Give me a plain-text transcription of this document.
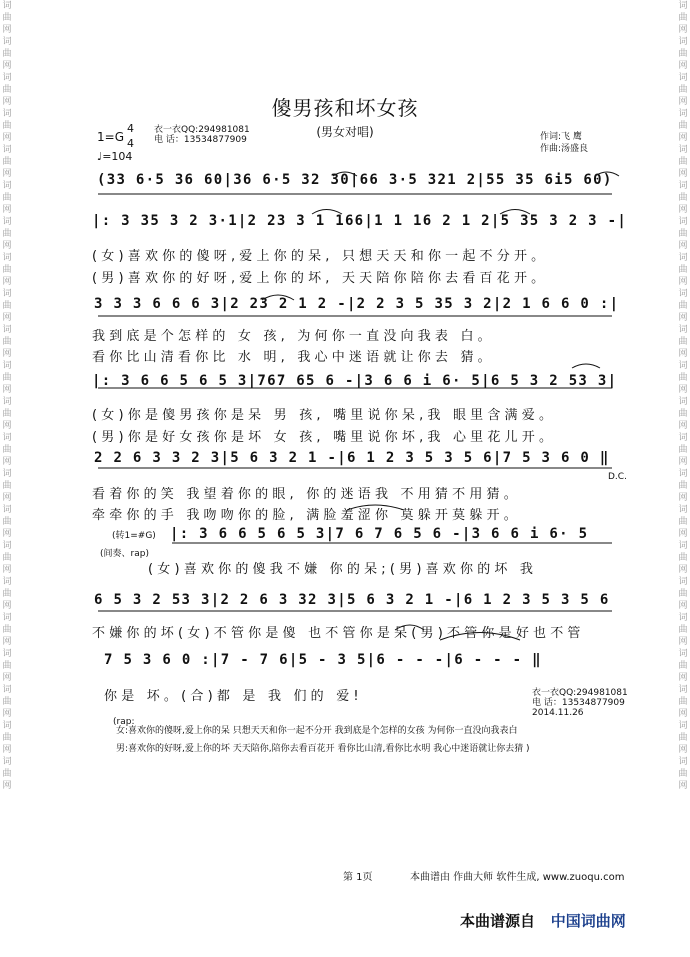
词
曲
网
词
曲
网
词
曲
网
词
曲
网
词
曲
网
词
曲
网
词
曲
网
词
曲
网
词
曲
网
词
曲
网
词
曲
网
词
曲
网
词
曲
网
词
曲
网
词
曲
网
词
曲
网
词
曲
网
词
曲
网
词
曲
网
词
曲
网
词
曲
网
词
曲
网
词
曲
网
词
曲
网
词
曲
网
词
曲
网
词
曲
网
词
曲
网
词
曲
网
词
曲
网
词
曲
网
词
曲
网
词
曲
网
词
曲
网
词
曲
网
词
曲
网
词
曲
网
词
曲
网
词
曲
网
词
曲
网
词
曲
网
词
曲
网
词
曲
网
词
曲
网
傻男孩和坏女孩
(男女对唱)
1=G
4
4
♩=104
衣一衣QQ:294981081
电 话：13534877909	作词:飞 鹰
作曲:汤盛良
(33 6·5 36 60|36 6·5 32 30|66 3·5 321 2|55 35 6i5 60)
|: 3 35 3 2 3·1|2 23 3 1 166|1 1 16 2 1 2|5 35 3 2 3 -|
(女)喜欢你的傻呀,爱上你的呆, 只想天天和你一起不分开。
(男)喜欢你的好呀,爱上你的坏, 天天陪你陪你去看百花开。
3 3 3 6 6 6 3|2 23 2 1 2 -|2 2 3 5 35 3 2|2 1 6 6 0 :|
我到底是个怎样的 女 孩, 为何你一直没向我表 白。
看你比山清看你比 水 明, 我心中迷语就让你去 猜。
|: 3 6 6 5 6 5 3|767 65 6 -|3 6 6 i 6· 5|6 5 3 2 53 3|
(女)你是傻男孩你是呆 男 孩, 嘴里说你呆,我 眼里含满爱。
(男)你是好女孩你是坏 女 孩, 嘴里说你坏,我 心里花儿开。
2 2 6 3 3 2 3|5 6 3 2 1 -|6 1 2 3 5 3 5 6|7 5 3 6 0 ‖
D.C.
看着你的笑 我望着你的眼, 你的迷语我 不用猜不用猜。
牵牵你的手 我吻吻你的脸, 满脸羞涩你 莫躲开莫躲开。
(转1=#G) |: 3 6 6 5 6 5 3|7 6 7 6 5 6 -|3 6 6 i 6· 5
(间奏、rap)
(女)喜欢你的傻我不嫌 你的呆;(男)喜欢你的坏 我
6 5 3 2 53 3|2 2 6 3 32 3|5 6 3 2 1 -|6 1 2 3 5 3 5 6
不嫌你的坏(女)不管你是傻 也不管你是呆(男)不管你是好也不管
7 5 3 6 0 :|7 - 7 6|5 - 3 5|6 - - -|6 - - - ‖
你是 坏。(合)都 是 我 们的 爱!	衣一衣QQ:294981081
电 话：13534877909
2014.11.26
(rap:
女:喜欢你的傻呀,爱上你的呆 只想天天和你一起不分开 我到底是个怎样的女孩 为何你一直没向我表白
男:喜欢你的好呀,爱上你的坏 天天陪你,陪你去看百花开 看你比山清,看你比水明 我心中迷语就让你去猜 )
第 1页	本曲谱由 作曲大师 软件生成, www.zuoqu.com
本曲谱源自 中国词曲网
